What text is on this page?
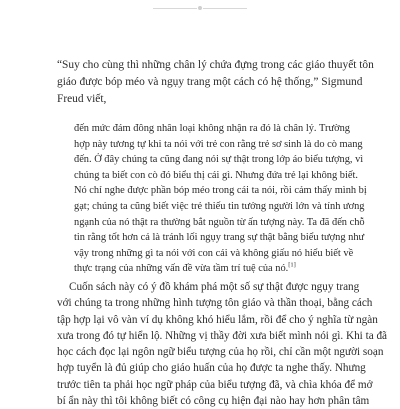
“Suy cho cùng thì những chân lý chứa đựng trong các giáo thuyết tôn
giáo được bóp méo và ngụy trang một cách có hệ thống,” Sigmund
Freud viết,

đến mức đám đông nhân loại không nhận ra đó là chân lý. Trường
hợp này tương tự khi ta nói với trẻ con rằng trẻ sơ sinh là do cò mang
đến. Ở đây chúng ta cũng đang nói sự thật trong lớp áo biểu tượng, vì
chúng ta biết con cò đó biểu thị cái gì. Nhưng đứa trẻ lại không biết.
Nó chỉ nghe được phần bóp méo trong cái ta nói, rồi cảm thấy mình bị
gạt; chúng ta cũng biết việc trẻ thiếu tin tưởng người lớn và tính ương
ngạnh của nó thật ra thường bắt nguồn từ ấn tượng này. Ta đã đến chỗ
tin rằng tốt hơn cả là tránh lối ngụy trang sự thật bằng biểu tượng như
vậy trong những gì ta nói với con cái và không giấu nó hiểu biết về
thực trạng của những vấn đề vừa tầm trí tuệ của nó.[1]

Cuốn sách này có ý đồ khám phá một số sự thật được ngụy trang
với chúng ta trong những hình tượng tôn giáo và thần thoại, bằng cách
tập hợp lại vô vàn ví dụ không khó hiểu lắm, rồi để cho ý nghĩa từ ngàn
xưa trong đó tự hiển lộ. Những vị thầy đời xưa biết mình nói gì. Khi ta đã
học cách đọc lại ngôn ngữ biểu tượng của họ rồi, chỉ cần một người soạn
hợp tuyển là đủ giúp cho giáo huấn của họ được ta nghe thấy. Nhưng
trước tiên ta phải học ngữ pháp của biểu tượng đã, và chìa khóa để mở
bí ẩn này thì tôi không biết có công cụ hiện đại nào hay hơn phân tâm
